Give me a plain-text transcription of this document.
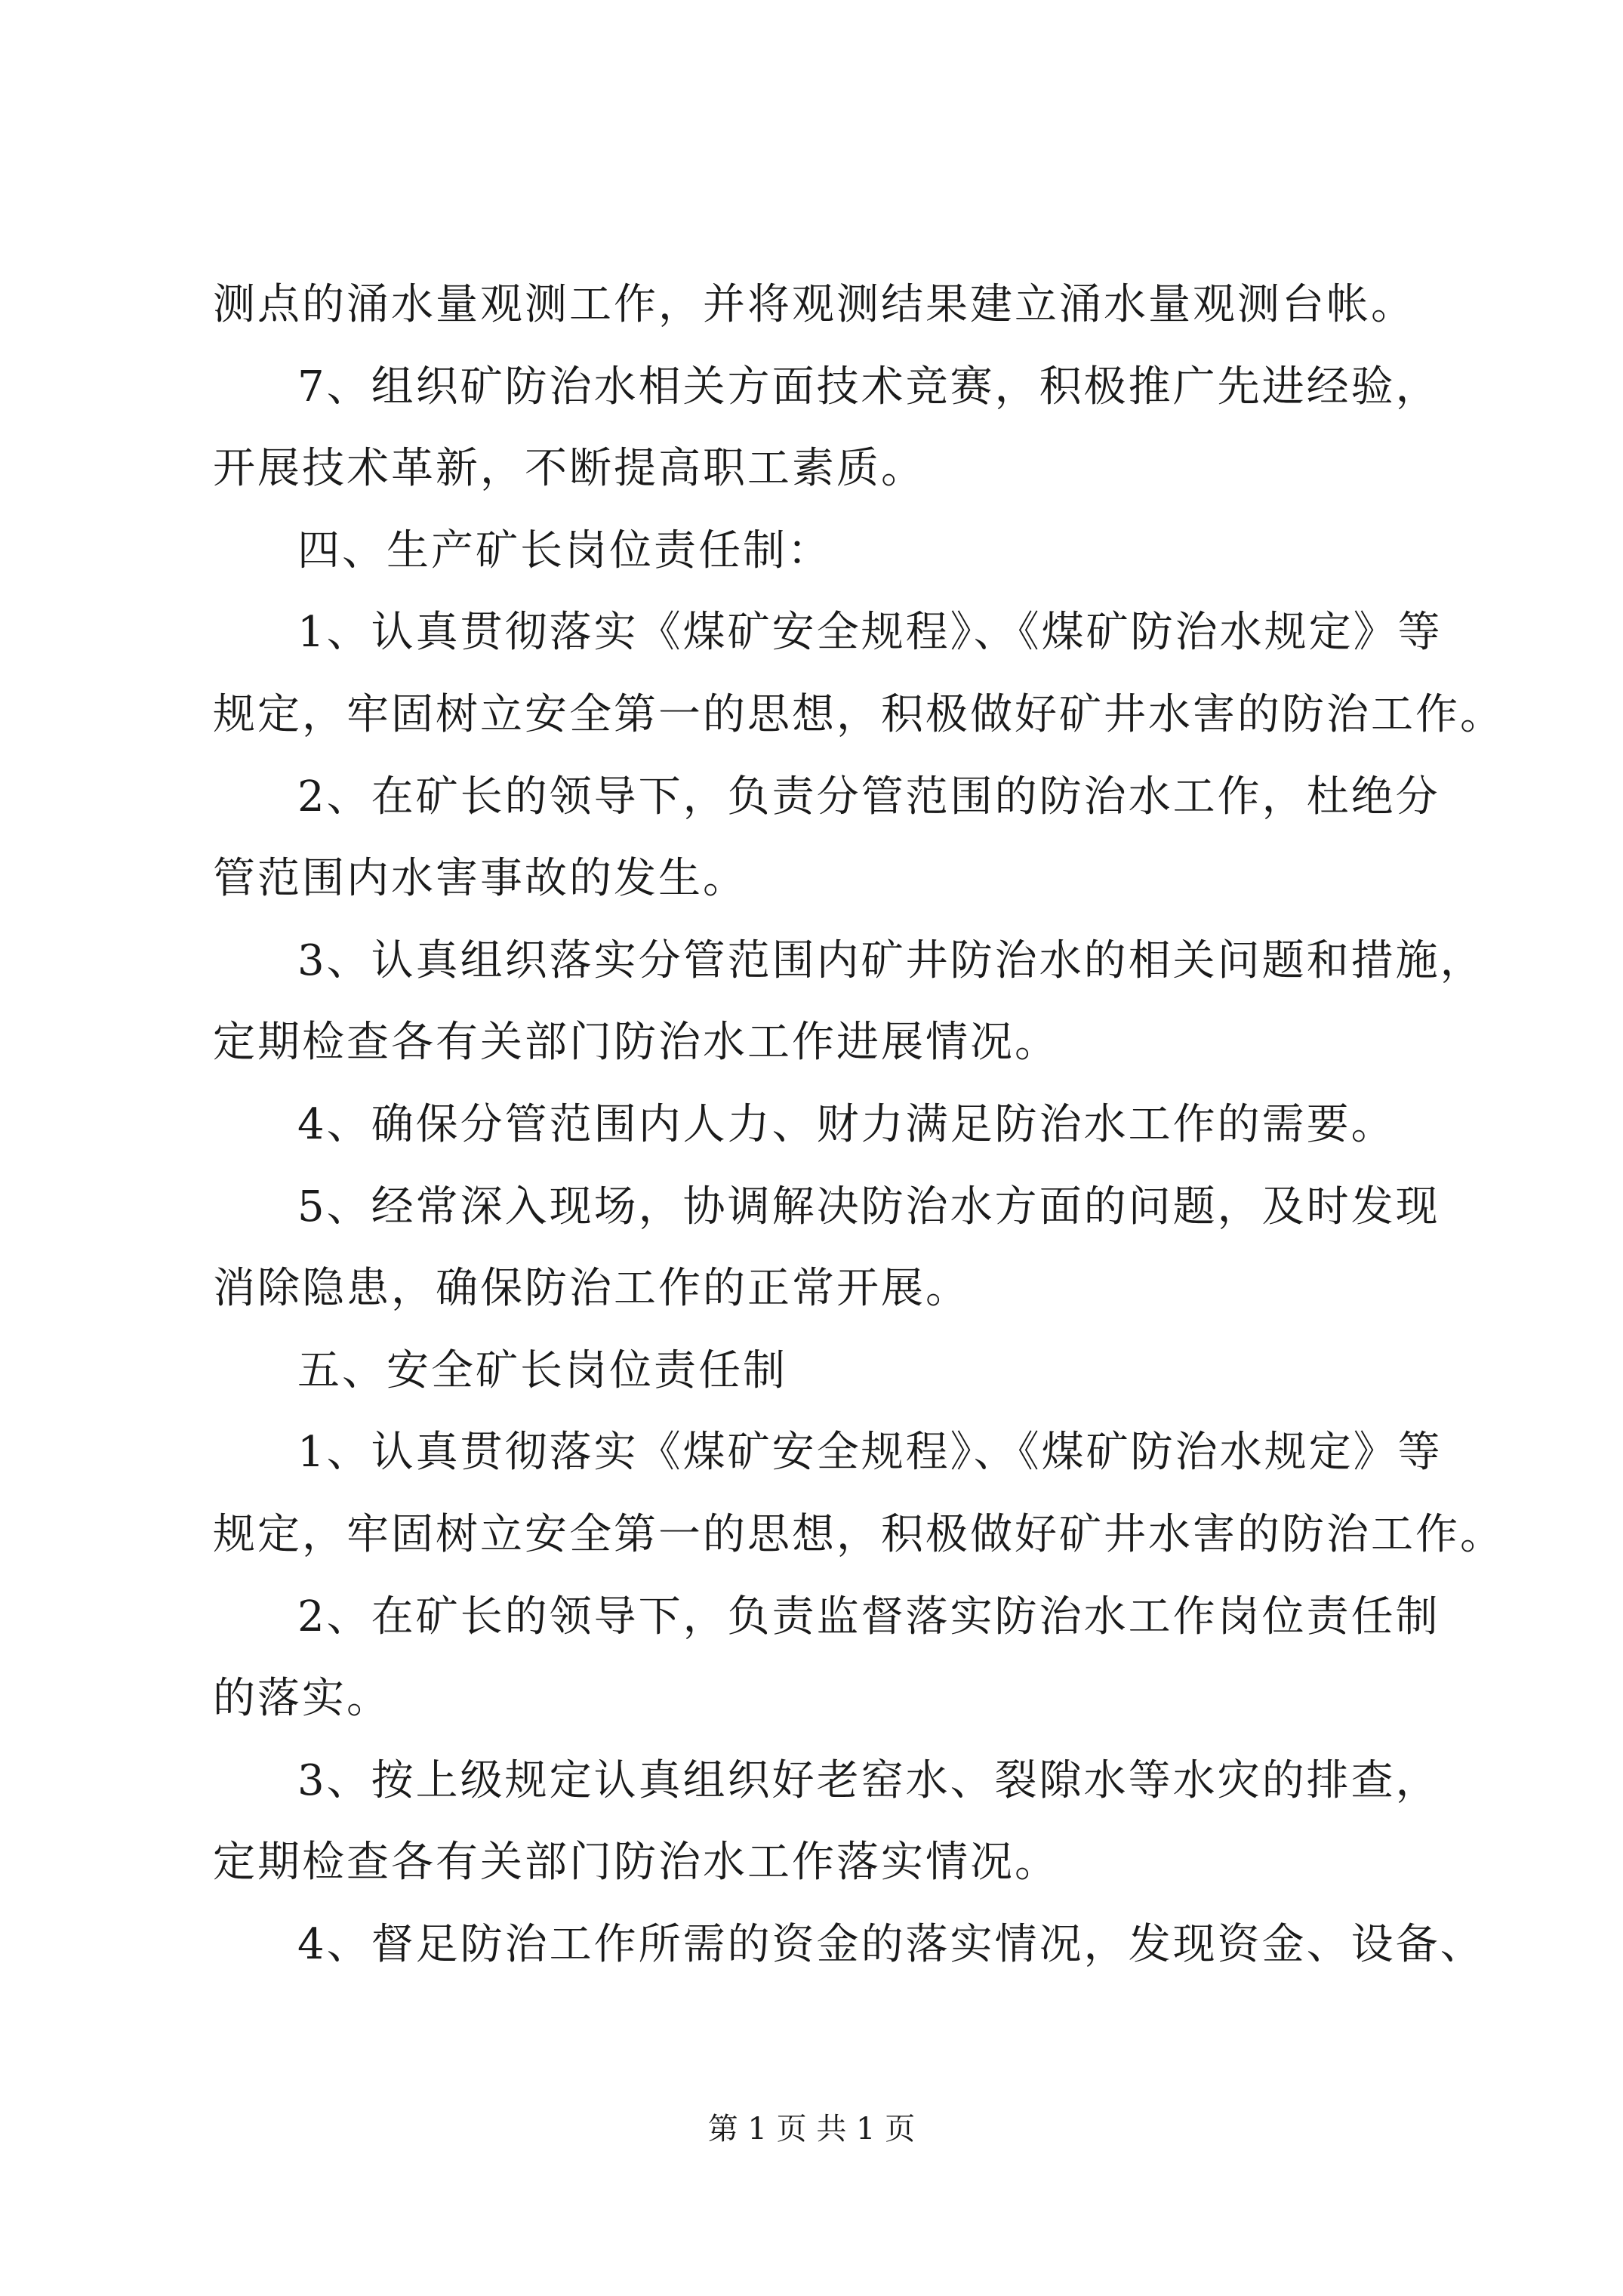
测点的涌水量观测工作，并将观测结果建立涌水量观测台帐。
7、组织矿防治水相关方面技术竞赛，积极推广先进经验，
开展技术革新，不断提高职工素质。
四、生产矿长岗位责任制：
1、认真贯彻落实《煤矿安全规程》、《煤矿防治水规定》等
规定，牢固树立安全第一的思想，积极做好矿井水害的防治工作。
2、在矿长的领导下，负责分管范围的防治水工作，杜绝分
管范围内水害事故的发生。
3、认真组织落实分管范围内矿井防治水的相关问题和措施，
定期检查各有关部门防治水工作进展情况。
4、确保分管范围内人力、财力满足防治水工作的需要。
5、经常深入现场，协调解决防治水方面的问题，及时发现
消除隐患，确保防治工作的正常开展。
五、安全矿长岗位责任制
1、认真贯彻落实《煤矿安全规程》、《煤矿防治水规定》等
规定，牢固树立安全第一的思想，积极做好矿井水害的防治工作。
2、在矿长的领导下，负责监督落实防治水工作岗位责任制
的落实。
3、按上级规定认真组织好老窑水、裂隙水等水灾的排查，
定期检查各有关部门防治水工作落实情况。
4、督足防治工作所需的资金的落实情况，发现资金、设备、
第 1 页 共 1 页
